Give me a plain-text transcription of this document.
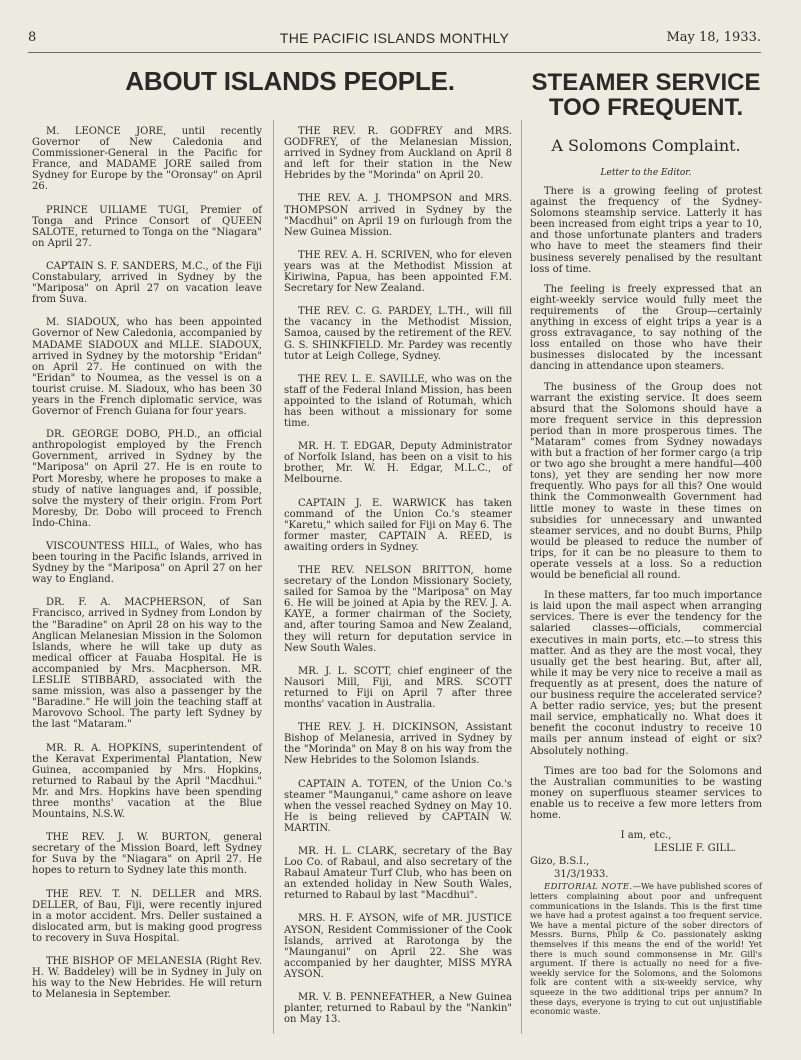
8	THE PACIFIC ISLANDS MONTHLY	May 18, 1933.
ABOUT ISLANDS PEOPLE.

M. LEONCE JORE, until recently Governor of New Caledonia and Commissioner-General in the Pacific for France, and MADAME JORE sailed from Sydney for Europe by the "Oronsay" on April 26.

PRINCE UILIAME TUGI, Premier of Tonga and Prince Consort of QUEEN SALOTE, returned to Tonga on the "Niagara" on April 27.

CAPTAIN S. F. SANDERS, M.C., of the Fiji Constabulary, arrived in Sydney by the "Mariposa" on April 27 on vacation leave from Suva.

M. SIADOUX, who has been appointed Governor of New Caledonia, accompanied by MADAME SIADOUX and MLLE. SIADOUX, arrived in Sydney by the motorship "Eridan" on April 27. He continued on with the "Eridan" to Noumea, as the vessel is on a tourist cruise. M. Siadoux, who has been 30 years in the French diplomatic service, was Governor of French Guiana for four years.

DR. GEORGE DOBO, PH.D., an official anthropologist employed by the French Government, arrived in Sydney by the "Mariposa" on April 27. He is en route to Port Moresby, where he proposes to make a study of native languages and, if possible, solve the mystery of their origin. From Port Moresby, Dr. Dobo will proceed to French Indo-China.

VISCOUNTESS HILL, of Wales, who has been touring in the Pacific Islands, arrived in Sydney by the "Mariposa" on April 27 on her way to England.

DR. F. A. MACPHERSON, of San Francisco, arrived in Sydney from London by the "Baradine" on April 28 on his way to the Anglican Melanesian Mission in the Solomon Islands, where he will take up duty as medical officer at Fauaba Hospital. He is accompanied by Mrs. Macpherson. MR. LESLIE STIBBARD, associated with the same mission, was also a passenger by the "Baradine." He will join the teaching staff at Marovovo School. The party left Sydney by the last "Mataram."

MR. R. A. HOPKINS, superintendent of the Keravat Experimental Plantation, New Guinea, accompanied by Mrs. Hopkins, returned to Rabaul by the April "Macdhui." Mr. and Mrs. Hopkins have been spending three months' vacation at the Blue Mountains, N.S.W.

THE REV. J. W. BURTON, general secretary of the Mission Board, left Sydney for Suva by the "Niagara" on April 27. He hopes to return to Sydney late this month.

THE REV. T. N. DELLER and MRS. DELLER, of Bau, Fiji, were recently injured in a motor accident. Mrs. Deller sustained a dislocated arm, but is making good progress to recovery in Suva Hospital.

THE BISHOP OF MELANESIA (Right Rev. H. W. Baddeley) will be in Sydney in July on his way to the New Hebrides. He will return to Melanesia in September.

THE REV. R. GODFREY and MRS. GODFREY, of the Melanesian Mission, arrived in Sydney from Auckland on April 8 and left for their station in the New Hebrides by the "Morinda" on April 20.

THE REV. A. J. THOMPSON and MRS. THOMPSON arrived in Sydney by the "Macdhui" on April 19 on furlough from the New Guinea Mission.

THE REV. A. H. SCRIVEN, who for eleven years was at the Methodist Mission at Kiriwina, Papua, has been appointed F.M. Secretary for New Zealand.

THE REV. C. G. PARDEY, L.TH., will fill the vacancy in the Methodist Mission, Samoa, caused by the retirement of the REV. G. S. SHINKFIELD. Mr. Pardey was recently tutor at Leigh College, Sydney.

THE REV. L. E. SAVILLE, who was on the staff of the Federal Inland Mission, has been appointed to the island of Rotumah, which has been without a missionary for some time.

MR. H. T. EDGAR, Deputy Administrator of Norfolk Island, has been on a visit to his brother, Mr. W. H. Edgar, M.L.C., of Melbourne.

CAPTAIN J. E. WARWICK has taken command of the Union Co.'s steamer "Karetu," which sailed for Fiji on May 6. The former master, CAPTAIN A. REED, is awaiting orders in Sydney.

THE REV. NELSON BRITTON, home secretary of the London Missionary Society, sailed for Samoa by the "Mariposa" on May 6. He will be joined at Apia by the REV. J. A. KAYE, a former chairman of the Society, and, after touring Samoa and New Zealand, they will return for deputation service in New South Wales.

MR. J. L. SCOTT, chief engineer of the Nausori Mill, Fiji, and MRS. SCOTT returned to Fiji on April 7 after three months' vacation in Australia.

THE REV. J. H. DICKINSON, Assistant Bishop of Melanesia, arrived in Sydney by the "Morinda" on May 8 on his way from the New Hebrides to the Solomon Islands.

CAPTAIN A. TOTEN, of the Union Co.'s steamer "Maunganui," came ashore on leave when the vessel reached Sydney on May 10. He is being relieved by CAPTAIN W. MARTIN.

MR. H. L. CLARK, secretary of the Bay Loo Co. of Rabaul, and also secretary of the Rabaul Amateur Turf Club, who has been on an extended holiday in New South Wales, returned to Rabaul by last "Macdhui".

MRS. H. F. AYSON, wife of MR. JUSTICE AYSON, Resident Commissioner of the Cook Islands, arrived at Rarotonga by the "Maunganui" on April 22. She was accompanied by her daughter, MISS MYRA AYSON.

MR. V. B. PENNEFATHER, a New Guinea planter, returned to Rabaul by the "Nankin" on May 13.

STEAMER SERVICE TOO FREQUENT.
A Solomons Complaint.
Letter to the Editor.

There is a growing feeling of protest against the frequency of the Sydney-Solomons steamship service. Latterly it has been increased from eight trips a year to 10, and those unfortunate planters and traders who have to meet the steamers find their business severely penalised by the resultant loss of time.

The feeling is freely expressed that an eight-weekly service would fully meet the requirements of the Group—certainly anything in excess of eight trips a year is a gross extravagance, to say nothing of the loss entailed on those who have their businesses dislocated by the incessant dancing in attendance upon steamers.

The business of the Group does not warrant the existing service. It does seem absurd that the Solomons should have a more frequent service in this depression period than in more prosperous times. The "Mataram" comes from Sydney nowadays with but a fraction of her former cargo (a trip or two ago she brought a mere handful—400 tons), yet they are sending her now more frequently. Who pays for all this? One would think the Commonwealth Government had little money to waste in these times on subsidies for unnecessary and unwanted steamer services, and no doubt Burns, Philp would be pleased to reduce the number of trips, for it can be no pleasure to them to operate vessels at a loss. So a reduction would be beneficial all round.

In these matters, far too much importance is laid upon the mail aspect when arranging services. There is ever the tendency for the salaried classes—officials, commercial executives in main ports, etc.—to stress this matter. And as they are the most vocal, they usually get the best hearing. But, after all, while it may be very nice to receive a mail as frequently as at present, does the nature of our business require the accelerated service? A better radio service, yes; but the present mail service, emphatically no. What does it benefit the coconut industry to receive 10 mails per annum instead of eight or six? Absolutely nothing.

Times are too bad for the Solomons and the Australian communities to be wasting money on superfluous steamer services to enable us to receive a few more letters from home.

I am, etc.,

LESLIE F. GILL.

Gizo, B.S.I.,

31/3/1933.

EDITORIAL NOTE.—We have published scores of letters complaining about poor and unfrequent communications in the Islands. This is the first time we have had a protest against a too frequent service. We have a mental picture of the sober directors of Messrs. Burns, Philp & Co. passionately asking themselves if this means the end of the world! Yet there is much sound commonsense in Mr. Gill's argument. If there is actually no need for a five-weekly service for the Solomons, and the Solomons folk are content with a six-weekly service, why squeeze in the two additional trips per annum? In these days, everyone is trying to cut out unjustifiable economic waste.
